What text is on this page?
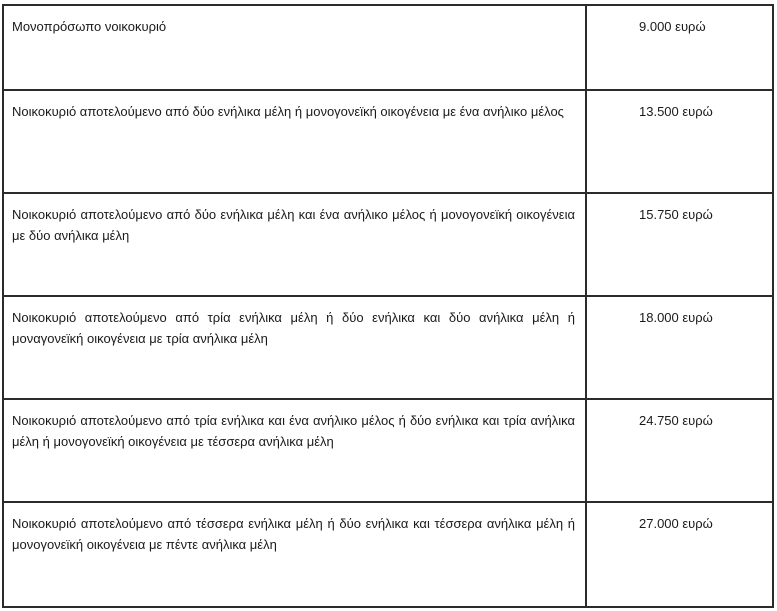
Μονοπρόσωπο νοικοκυριό	9.000 ευρώ
Νοικοκυριό αποτελούμενο από δύο ενήλικα μέλη ή μονογονεϊκή οικογένεια με ένα ανήλικο μέλος	13.500 ευρώ
Νοικοκυριό αποτελούμενο από δύο ενήλικα μέλη και ένα ανήλικο μέλος ή μονογονεϊκή οικογένεια με δύο ανήλικα μέλη	15.750 ευρώ
Νοικοκυριό αποτελούμενο από τρία ενήλικα μέλη ή δύο ενήλικα και δύο ανήλικα μέλη ή μοναγονεϊκή οικογένεια με τρία ανήλικα μέλη	18.000 ευρώ
Νοικοκυριό αποτελούμενο από τρία ενήλικα και ένα ανήλικο μέλος ή δύο ενήλικα και τρία ανήλικα μέλη ή μονογονεϊκή οικογένεια με τέσσερα ανήλικα μέλη	24.750 ευρώ
Νοικοκυριό αποτελούμενο από τέσσερα ενήλικα μέλη ή δύο ενήλικα και τέσσερα ανήλικα μέλη ή μονογονεϊκή οικογένεια με πέντε ανήλικα μέλη	27.000 ευρώ
